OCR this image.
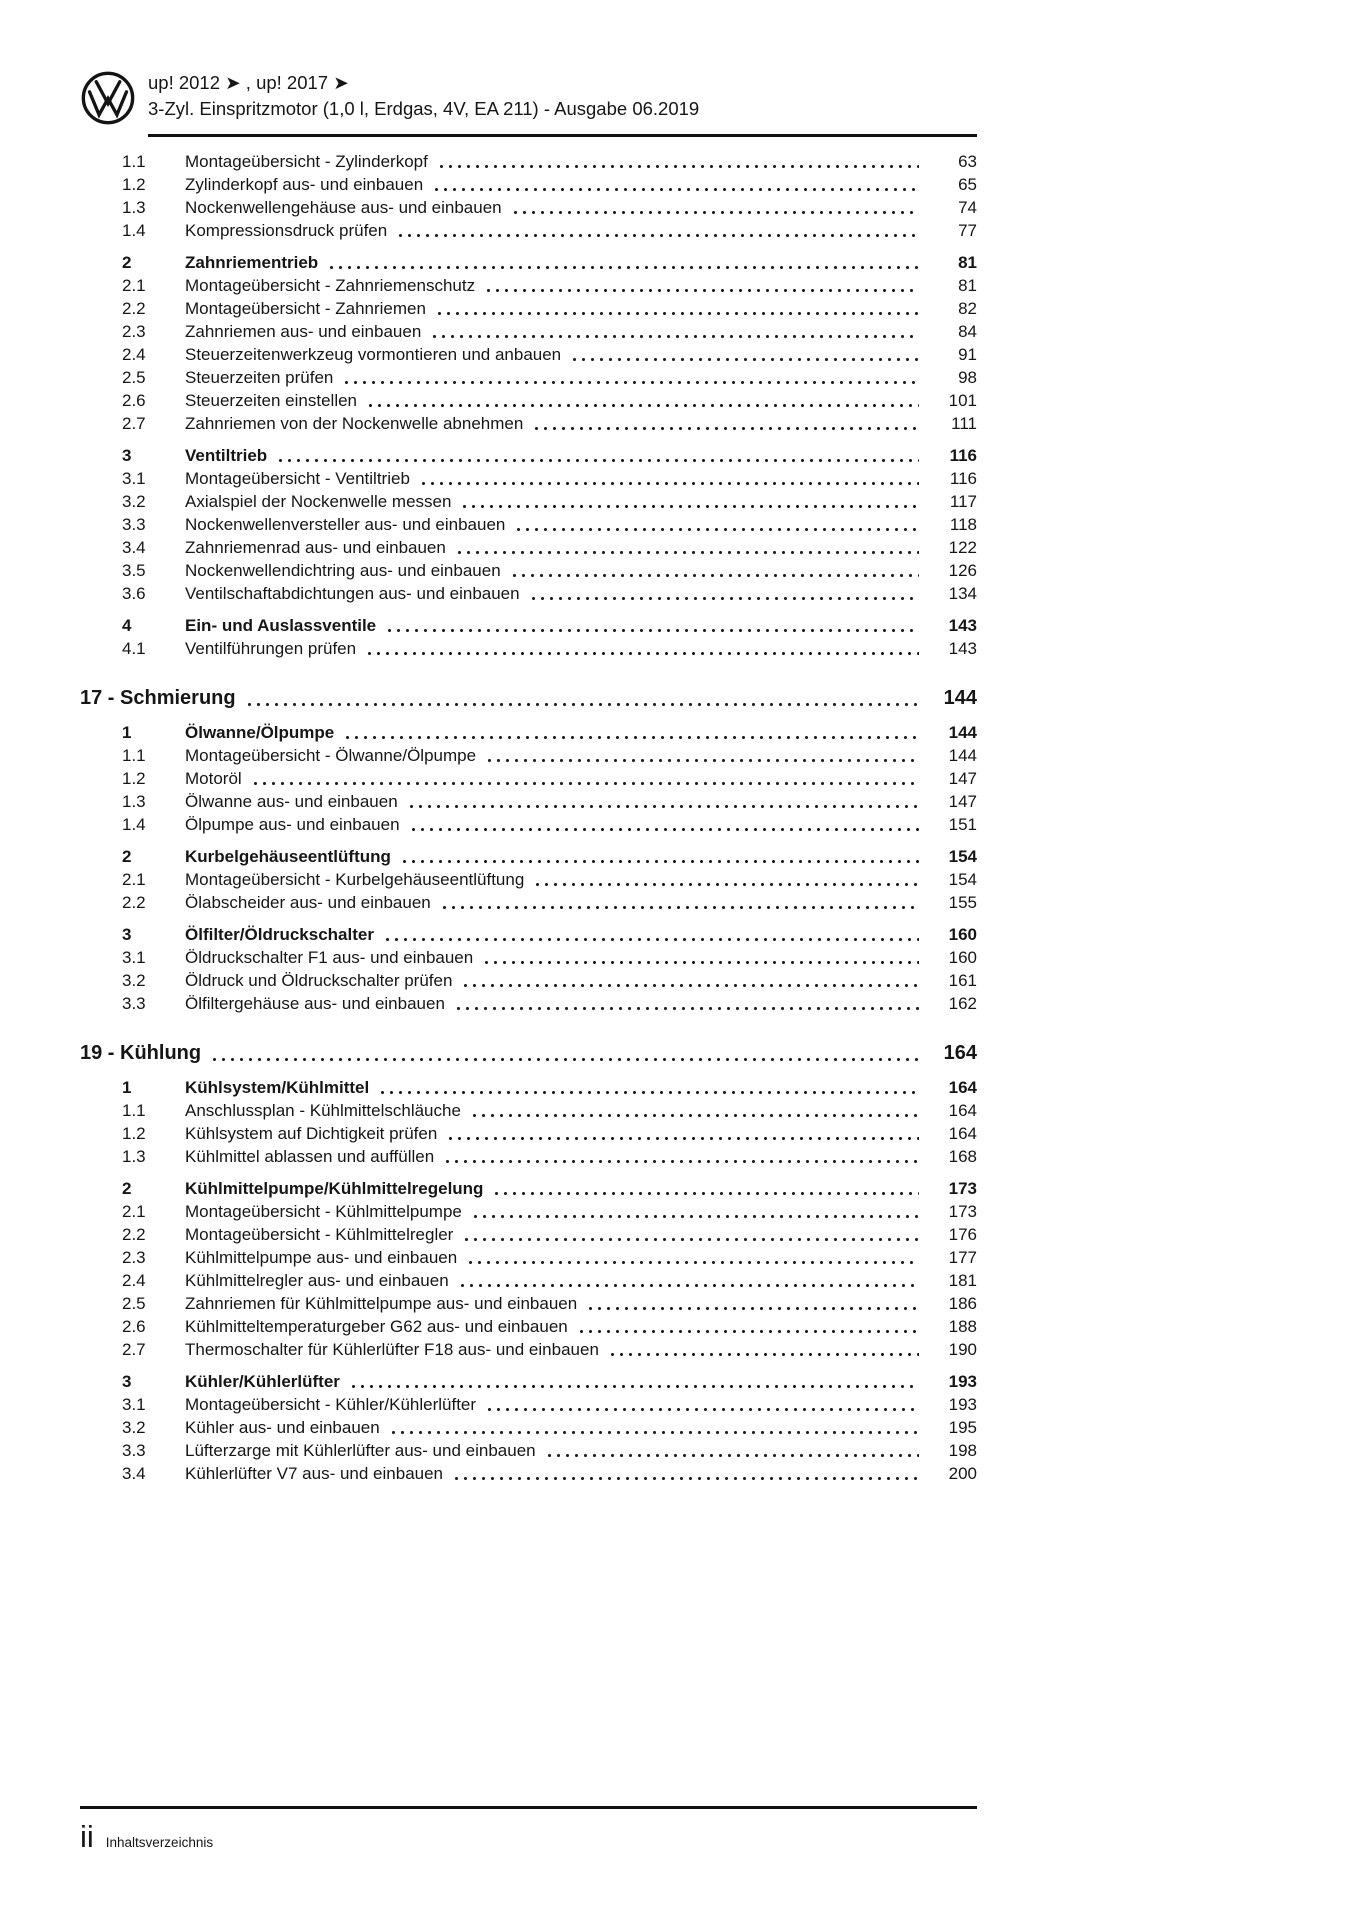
up! 2012 ➤ , up! 2017 ➤
3-Zyl. Einspritzmotor (1,0 l, Erdgas, 4V, EA 211) - Ausgabe 06.2019
1.1	Montageübersicht - Zylinderkopf	63
1.2	Zylinderkopf aus- und einbauen	65
1.3	Nockenwellengehäuse aus- und einbauen	74
1.4	Kompressionsdruck prüfen	77
2	Zahnriementrieb	81
2.1	Montageübersicht - Zahnriemenschutz	81
2.2	Montageübersicht - Zahnriemen	82
2.3	Zahnriemen aus- und einbauen	84
2.4	Steuerzeitenwerkzeug vormontieren und anbauen	91
2.5	Steuerzeiten prüfen	98
2.6	Steuerzeiten einstellen	101
2.7	Zahnriemen von der Nockenwelle abnehmen	111
3	Ventiltrieb	116
3.1	Montageübersicht - Ventiltrieb	116
3.2	Axialspiel der Nockenwelle messen	117
3.3	Nockenwellenversteller aus- und einbauen	118
3.4	Zahnriemenrad aus- und einbauen	122
3.5	Nockenwellendichtring aus- und einbauen	126
3.6	Ventilschaftabdichtungen aus- und einbauen	134
4	Ein- und Auslassventile	143
4.1	Ventilführungen prüfen	143
17 - Schmierung	144
1	Ölwanne/Ölpumpe	144
1.1	Montageübersicht - Ölwanne/Ölpumpe	144
1.2	Motoröl	147
1.3	Ölwanne aus- und einbauen	147
1.4	Ölpumpe aus- und einbauen	151
2	Kurbelgehäuseentlüftung	154
2.1	Montageübersicht - Kurbelgehäuseentlüftung	154
2.2	Ölabscheider aus- und einbauen	155
3	Ölfilter/Öldruckschalter	160
3.1	Öldruckschalter F1 aus- und einbauen	160
3.2	Öldruck und Öldruckschalter prüfen	161
3.3	Ölfiltergehäuse aus- und einbauen	162
19 - Kühlung	164
1	Kühlsystem/Kühlmittel	164
1.1	Anschlussplan - Kühlmittelschläuche	164
1.2	Kühlsystem auf Dichtigkeit prüfen	164
1.3	Kühlmittel ablassen und auffüllen	168
2	Kühlmittelpumpe/Kühlmittelregelung	173
2.1	Montageübersicht - Kühlmittelpumpe	173
2.2	Montageübersicht - Kühlmittelregler	176
2.3	Kühlmittelpumpe aus- und einbauen	177
2.4	Kühlmittelregler aus- und einbauen	181
2.5	Zahnriemen für Kühlmittelpumpe aus- und einbauen	186
2.6	Kühlmitteltemperaturgeber G62 aus- und einbauen	188
2.7	Thermoschalter für Kühlerlüfter F18 aus- und einbauen	190
3	Kühler/Kühlerlüfter	193
3.1	Montageübersicht - Kühler/Kühlerlüfter	193
3.2	Kühler aus- und einbauen	195
3.3	Lüfterzarge mit Kühlerlüfter aus- und einbauen	198
3.4	Kühlerlüfter V7 aus- und einbauen	200
ii Inhaltsverzeichnis
